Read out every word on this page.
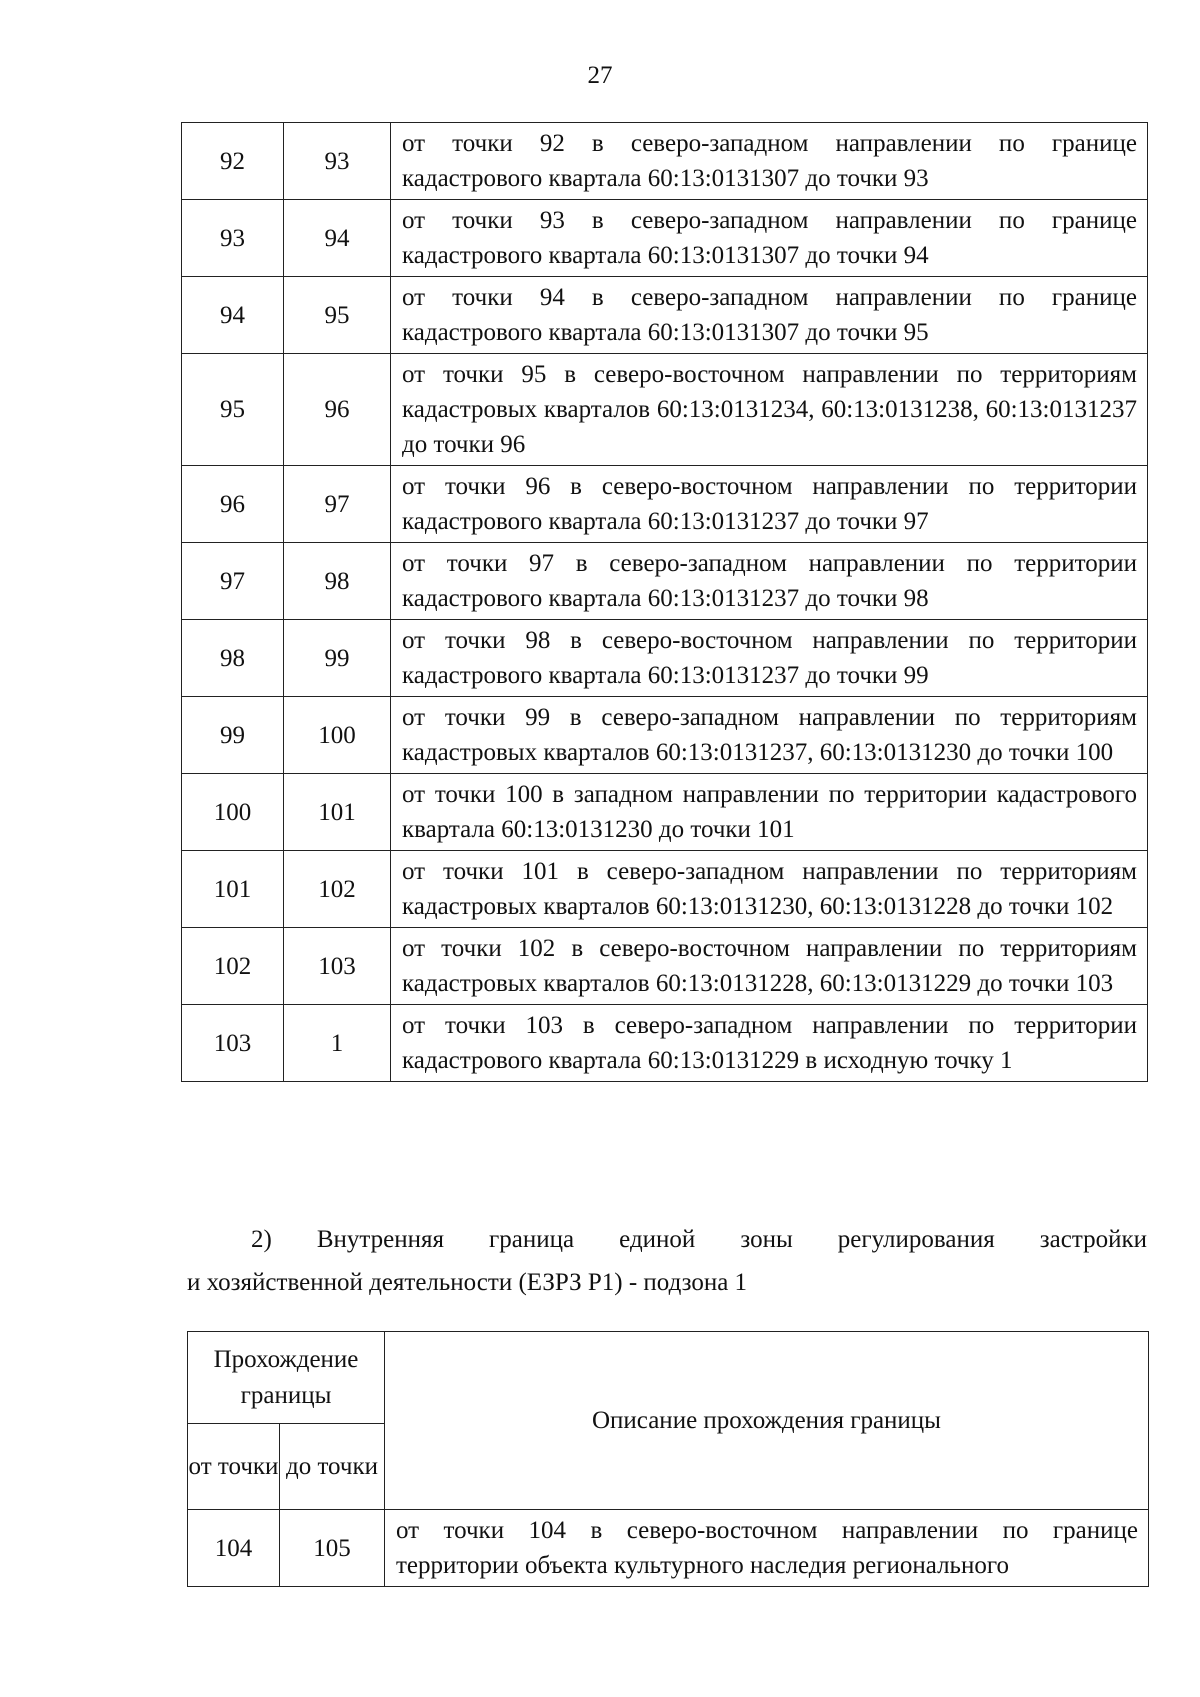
27
92	93	от точки 92 в северо-западном направлении по границе кадастрового квартала 60:13:0131307 до точки 93
93	94	от точки 93 в северо-западном направлении по границе кадастрового квартала 60:13:0131307 до точки 94
94	95	от точки 94 в северо-западном направлении по границе кадастрового квартала 60:13:0131307 до точки 95
95	96	от точки 95 в северо-восточном направлении по территориям кадастровых кварталов 60:13:0131234, 60:13:0131238, 60:13:0131237 до точки 96
96	97	от точки 96 в северо-восточном направлении по территории кадастрового квартала 60:13:0131237 до точки 97
97	98	от точки 97 в северо-западном направлении по территории кадастрового квартала 60:13:0131237 до точки 98
98	99	от точки 98 в северо-восточном направлении по территории кадастрового квартала 60:13:0131237 до точки 99
99	100	от точки 99 в северо-западном направлении по территориям кадастровых кварталов 60:13:0131237, 60:13:0131230 до точки 100
100	101	от точки 100 в западном направлении по территории кадастрового квартала 60:13:0131230 до точки 101
101	102	от точки 101 в северо-западном направлении по территориям кадастровых кварталов 60:13:0131230, 60:13:0131228 до точки 102
102	103	от точки 102 в северо-восточном направлении по территориям кадастровых кварталов 60:13:0131228, 60:13:0131229 до точки 103
103	1	от точки 103 в северо-западном направлении по территории кадастрового квартала 60:13:0131229 в исходную точку 1
2) Внутренняя граница единой зоны регулирования застройки
и хозяйственной деятельности (ЕЗРЗ Р1) - подзона 1
Прохождение границы		Описание прохождения границы
от точки	до точки	
104	105	от точки 104 в северо-восточном направлении по границе территории объекта культурного наследия регионального
